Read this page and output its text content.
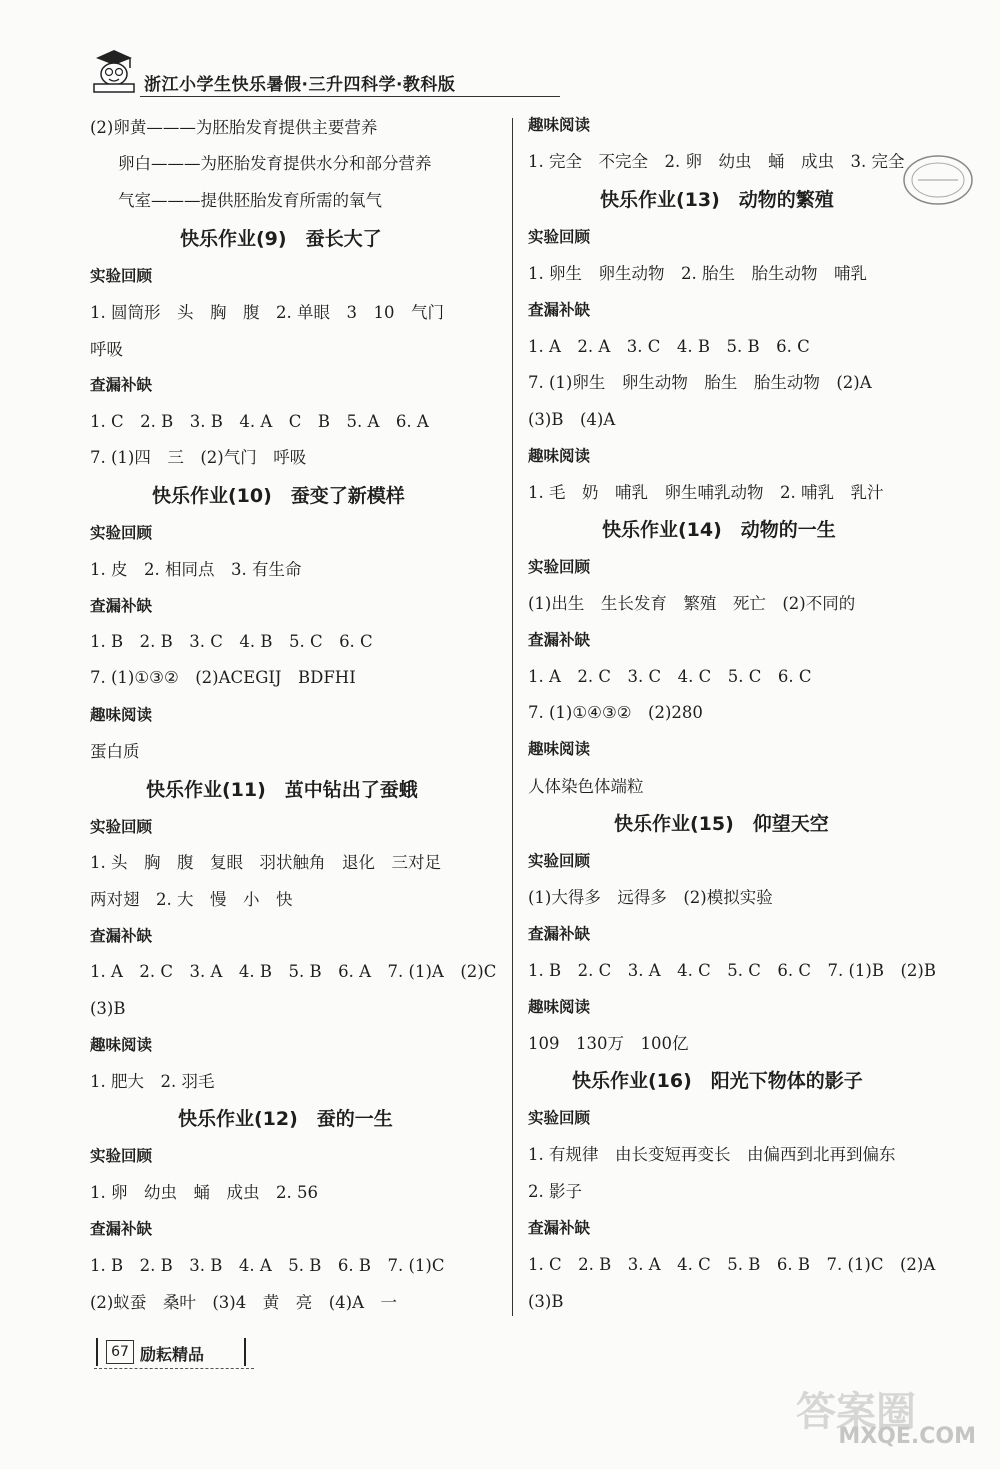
浙江小学生快乐暑假·三升四科学·教科版
(2)卵黄———为胚胎发育提供主要营养
卵白———为胚胎发育提供水分和部分营养
气室———提供胚胎发育所需的氧气
快乐作业(9)　蚕长大了
实验回顾
1. 圆筒形　头　胸　腹　2. 单眼　3　10　气门
呼吸
查漏补缺
1. C　2. B　3. B　4. A　C　B　5. A　6. A
7. (1)四　三　(2)气门　呼吸
快乐作业(10)　蚕变了新模样
实验回顾
1. 皮　2. 相同点　3. 有生命
查漏补缺
1. B　2. B　3. C　4. B　5. C　6. C
7. (1)①③②　(2)ACEGIJ　BDFHI
趣味阅读
蛋白质
快乐作业(11)　茧中钻出了蚕蛾
实验回顾
1. 头　胸　腹　复眼　羽状触角　退化　三对足
两对翅　2. 大　慢　小　快
查漏补缺
1. A　2. C　3. A　4. B　5. B　6. A　7. (1)A　(2)C
(3)B
趣味阅读
1. 肥大　2. 羽毛
快乐作业(12)　蚕的一生
实验回顾
1. 卵　幼虫　蛹　成虫　2. 56
查漏补缺
1. B　2. B　3. B　4. A　5. B　6. B　7. (1)C
(2)蚁蚕　桑叶　(3)4　黄　亮　(4)A　一
趣味阅读
1. 完全　不完全　2. 卵　幼虫　蛹　成虫　3. 完全
快乐作业(13)　动物的繁殖
实验回顾
1. 卵生　卵生动物　2. 胎生　胎生动物　哺乳
查漏补缺
1. A　2. A　3. C　4. B　5. B　6. C
7. (1)卵生　卵生动物　胎生　胎生动物　(2)A
(3)B　(4)A
趣味阅读
1. 毛　奶　哺乳　卵生哺乳动物　2. 哺乳　乳汁
快乐作业(14)　动物的一生
实验回顾
(1)出生　生长发育　繁殖　死亡　(2)不同的
查漏补缺
1. A　2. C　3. C　4. C　5. C　6. C
7. (1)①④③②　(2)280
趣味阅读
人体染色体端粒
快乐作业(15)　仰望天空
实验回顾
(1)大得多　远得多　(2)模拟实验
查漏补缺
1. B　2. C　3. A　4. C　5. C　6. C　7. (1)B　(2)B
趣味阅读
109　130万　100亿
快乐作业(16)　阳光下物体的影子
实验回顾
1. 有规律　由长变短再变长　由偏西到北再到偏东
2. 影子
查漏补缺
1. C　2. B　3. A　4. C　5. B　6. B　7. (1)C　(2)A
(3)B
67 励耘精品
答案圈
MXQE.COM
